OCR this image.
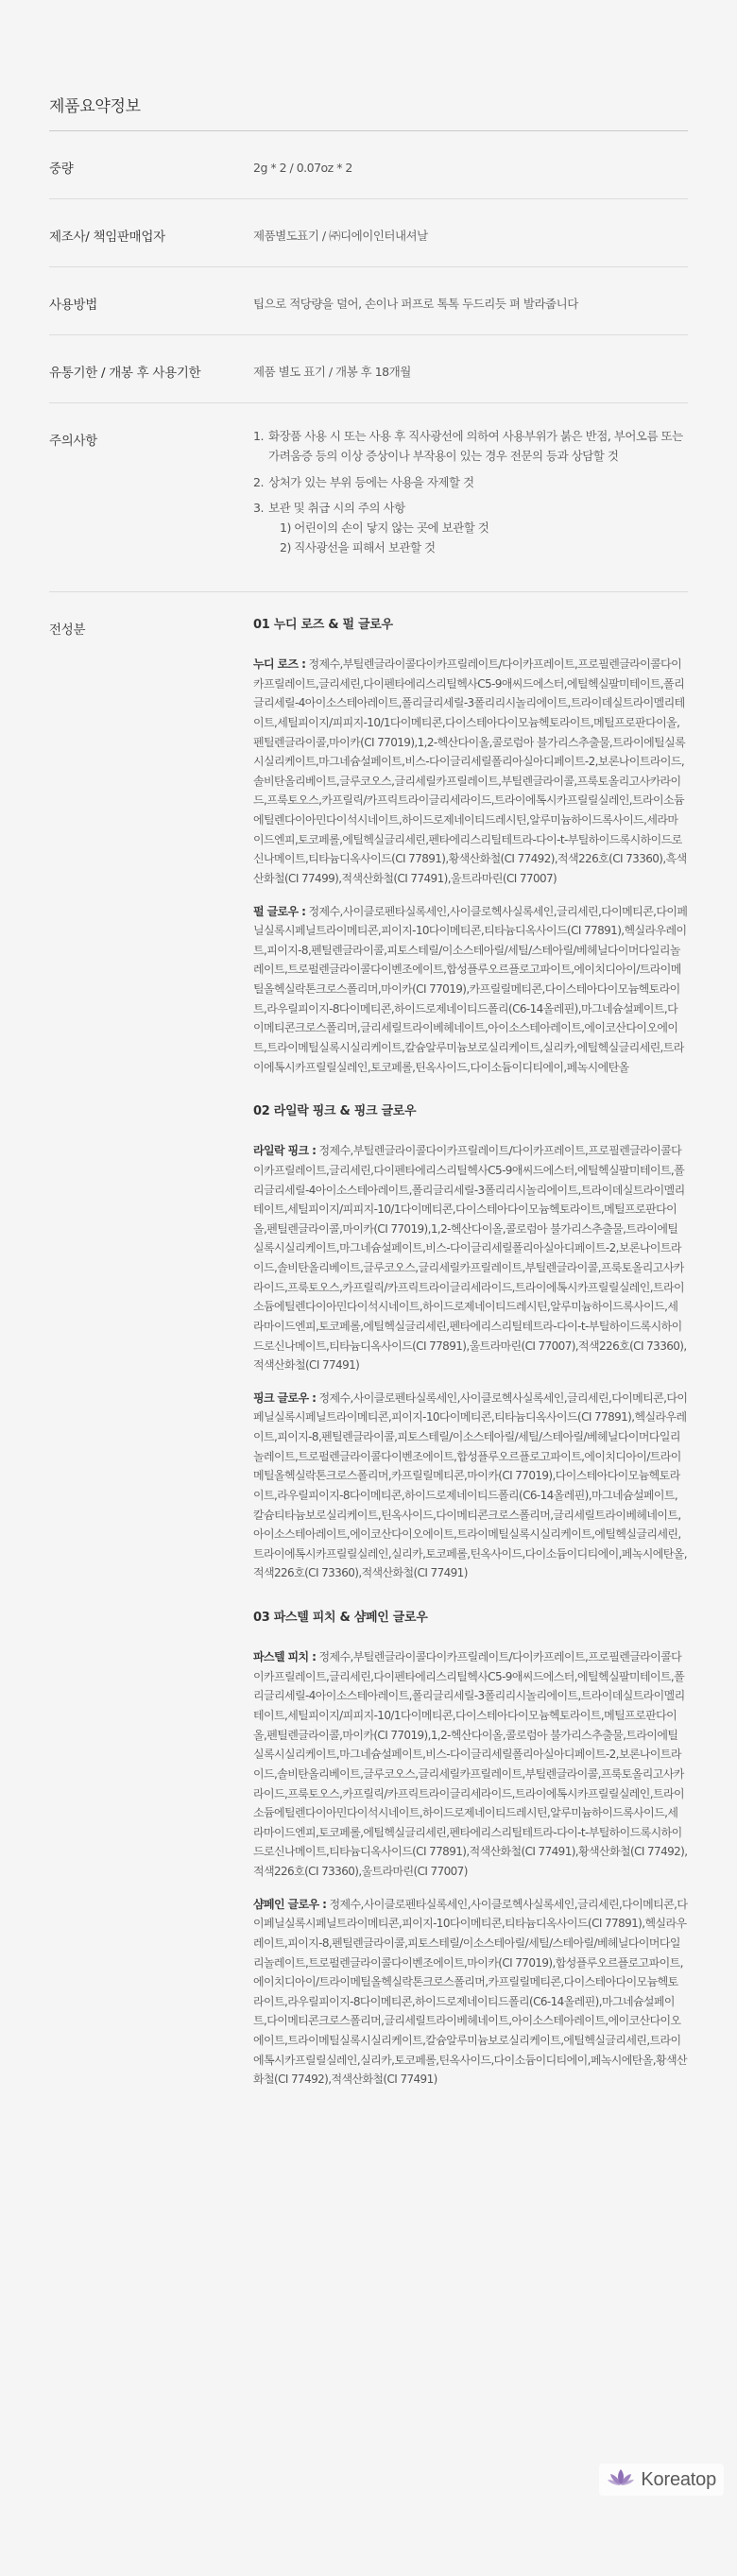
제품요약정보
중량	2g * 2 / 0.07oz * 2
제조사/ 책임판매업자	제품별도표기 / ㈜디에이인터내셔날
사용방법	팁으로 적당량을 덜어, 손이나 퍼프로 톡톡 두드리듯 펴 발라줍니다
유통기한 / 개봉 후 사용기한	제품 별도 표기 / 개봉 후 18개월
주의사항	1. 화장품 사용 시 또는 사용 후 직사광선에 의하여 사용부위가 붉은 반점, 부어오름 또는 가려움증 등의 이상 증상이나 부작용이 있는 경우 전문의 등과 상담할 것
2. 상처가 있는 부위 등에는 사용을 자제할 것
3. 보관 및 취급 시의 주의 사항
1) 어린이의 손이 닿지 않는 곳에 보관할 것
2) 직사광선을 피해서 보관할 것
전성분	01 누디 로즈 & 펄 글로우

누디 로즈 : 정제수,부틸렌글라이콜다이카프릴레이트/다이카프레이트,프로필렌글라이콜다이카프릴레이트,글리세린,다이펜타에리스리틸헥사C5-9애씨드에스터,에틸헥실팔미테이트,폴리글리세릴-4아이소스테아레이트,폴리글리세릴-3폴리리시놀리에이트,트라이데실트라이멜리테이트,세틸피이지/피피지-10/1다이메티콘,다이스테아다이모늄헥토라이트,메틸프로판다이올,펜틸렌글라이콜,마이카(CI 77019),1,2-헥산다이올,콜로럼아 불가리스추출물,트라이에틸실록시실리케이트,마그네슘설페이트,비스-다이글리세릴폴리아실아디페이트-2,보론나이트라이드,솔비탄올리베이트,글루코오스,글리세릴카프릴레이트,부틸렌글라이콜,프룩토올리고사카라이드,프룩토오스,카프릴릭/카프릭트라이글리세라이드,트라이에톡시카프릴릴실레인,트라이소듐에틸렌다이아민다이석시네이트,하이드로제네이티드레시틴,알루미늄하이드록사이드,세라마이드엔피,토코페롤,에틸헥실글리세린,펜타에리스리틸테트라-다이-t-부틸하이드록시하이드로신나메이트,티타늄디옥사이드(CI 77891),황색산화철(CI 77492),적색226호(CI 73360),흑색산화철(CI 77499),적색산화철(CI 77491),울트라마린(CI 77007)

펄 글로우 : 정제수,사이클로펜타실록세인,사이클로헥사실록세인,글리세린,다이메티콘,다이페닐실록시페닐트라이메티콘,피이지-10다이메티콘,티타늄디옥사이드(CI 77891),헥실라우레이트,피이지-8,펜틸렌글라이콜,피토스테릴/이소스테아릴/세틸/스테아릴/베헤닐다이머다일리놀레이트,트로펄렌글라이콜다이벤조에이트,합성플루오르플로고파이트,에이치디아이/트라이메틸올헥실락톤크로스폴리머,마이카(CI 77019),카프릴릴메티콘,다이스테아다이모늄헥토라이트,라우릴피이지-8다이메티콘,하이드로제네이티드폴리(C6-14올레핀),마그네슘설페이트,다이메티콘크로스폴리머,글리세릴트라이베헤네이트,아이소스테아레이트,에이코산다이오에이트,트라이메틸실록시실리케이트,칼슘알루미늄보로실리케이트,실리카,에틸헥실글리세린,트라이에톡시카프릴릴실레인,토코페롤,틴옥사이드,다이소듐이디티에이,페녹시에탄올

02 라일락 핑크 & 핑크 글로우

라일락 핑크 : 정제수,부틸렌글라이콜다이카프릴레이트/다이카프레이트,프로필렌글라이콜다이카프릴레이트,글리세린,다이펜타에리스리틸헥사C5-9애씨드에스터,에틸헥실팔미테이트,폴리글리세릴-4아이소스테아레이트,폴리글리세릴-3폴리리시놀리에이트,트라이데실트라이멜리테이트,세틸피이지/피피지-10/1다이메티콘,다이스테아다이모늄헥토라이트,메틸프로판다이올,펜틸렌글라이콜,마이카(CI 77019),1,2-헥산다이올,콜로럼아 불가리스추출물,트라이에틸실록시실리케이트,마그네슘설페이트,비스-다이글리세릴폴리아실아디페이트-2,보론나이트라이드,솔비탄올리베이트,글루코오스,글리세릴카프릴레이트,부틸렌글라이콜,프룩토올리고사카라이드,프룩토오스,카프릴릭/카프릭트라이글리세라이드,트라이에톡시카프릴릴실레인,트라이소듐에틸렌다이아민다이석시네이트,하이드로제네이티드레시틴,알루미늄하이드록사이드,세라마이드엔피,토코페롤,에틸헥실글리세린,펜타에리스리틸테트라-다이-t-부틸하이드록시하이드로신나메이트,티타늄디옥사이드(CI 77891),울트라마린(CI 77007),적색226호(CI 73360),적색산화철(CI 77491)

핑크 글로우 : 정제수,사이클로펜타실록세인,사이클로헥사실록세인,글리세린,다이메티콘,다이페닐실록시페닐트라이메티콘,피이지-10다이메티콘,티타늄디옥사이드(CI 77891),헥실라우레이트,피이지-8,펜틸렌글라이콜,피토스테릴/이소스테아릴/세틸/스테아릴/베헤닐다이머다일리놀레이트,트로펄렌글라이콜다이벤조에이트,합성플루오르플로고파이트,에이치디아이/트라이메틸올헥실락톤크로스폴리머,카프릴릴메티콘,마이카(CI 77019),다이스테아다이모늄헥토라이트,라우릴피이지-8다이메티콘,하이드로제네이티드폴리(C6-14올레핀),마그네슘설페이트,칼슘티타늄보로실리케이트,틴옥사이드,다이메티콘크로스폴리머,글리세릴트라이베헤네이트,아이소스테아레이트,에이코산다이오에이트,트라이메틸실록시실리케이트,에틸헥실글리세린,트라이에톡시카프릴릴실레인,실리카,토코페롤,틴옥사이드,다이소듐이디티에이,페녹시에탄올,적색226호(CI 73360),적색산화철(CI 77491)

03 파스텔 피치 & 샴페인 글로우

파스텔 피치 : 정제수,부틸렌글라이콜다이카프릴레이트/다이카프레이트,프로필렌글라이콜다이카프릴레이트,글리세린,다이펜타에리스리틸헥사C5-9애씨드에스터,에틸헥실팔미테이트,폴리글리세릴-4아이소스테아레이트,폴리글리세릴-3폴리리시놀리에이트,트라이데실트라이멜리테이트,세틸피이지/피피지-10/1다이메티콘,다이스테아다이모늄헥토라이트,메틸프로판다이올,펜틸렌글라이콜,마이카(CI 77019),1,2-헥산다이올,콜로럼아 불가리스추출물,트라이에틸실록시실리케이트,마그네슘설페이트,비스-다이글리세릴폴리아실아디페이트-2,보론나이트라이드,솔비탄올리베이트,글루코오스,글리세릴카프릴레이트,부틸렌글라이콜,프룩토올리고사카라이드,프룩토오스,카프릴릭/카프릭트라이글리세라이드,트라이에톡시카프릴릴실레인,트라이소듐에틸렌다이아민다이석시네이트,하이드로제네이티드레시틴,알루미늄하이드록사이드,세라마이드엔피,토코페롤,에틸헥실글리세린,펜타에리스리틸테트라-다이-t-부틸하이드록시하이드로신나메이트,티타늄디옥사이드(CI 77891),적색산화철(CI 77491),황색산화철(CI 77492),적색226호(CI 73360),울트라마린(CI 77007)

샴페인 글로우 : 정제수,사이클로펜타실록세인,사이클로헥사실록세인,글리세린,다이메티콘,다이페닐실록시페닐트라이메티콘,피이지-10다이메티콘,티타늄디옥사이드(CI 77891),헥실라우레이트,피이지-8,펜틸렌글라이콜,피토스테릴/이소스테아릴/세틸/스테아릴/베헤닐다이머다일리놀레이트,트로펄렌글라이콜다이벤조에이트,마이카(CI 77019),합성플루오르플로고파이트,에이치디아이/트라이메틸올헥실락톤크로스폴리머,카프릴릴메티콘,다이스테아다이모늄헥토라이트,라우릴피이지-8다이메티콘,하이드로제네이티드폴리(C6-14올레핀),마그네슘설페이트,다이메티콘크로스폴리머,글리세릴트라이베헤네이트,아이소스테아레이트,에이코산다이오에이트,트라이메틸실록시실리케이트,칼슘알루미늄보로실리케이트,에틸헥실글리세린,트라이에톡시카프릴릴실레인,실리카,토코페롤,틴옥사이드,다이소듐이디티에이,페녹시에탄올,황색산화철(CI 77492),적색산화철(CI 77491)

Koreatop
